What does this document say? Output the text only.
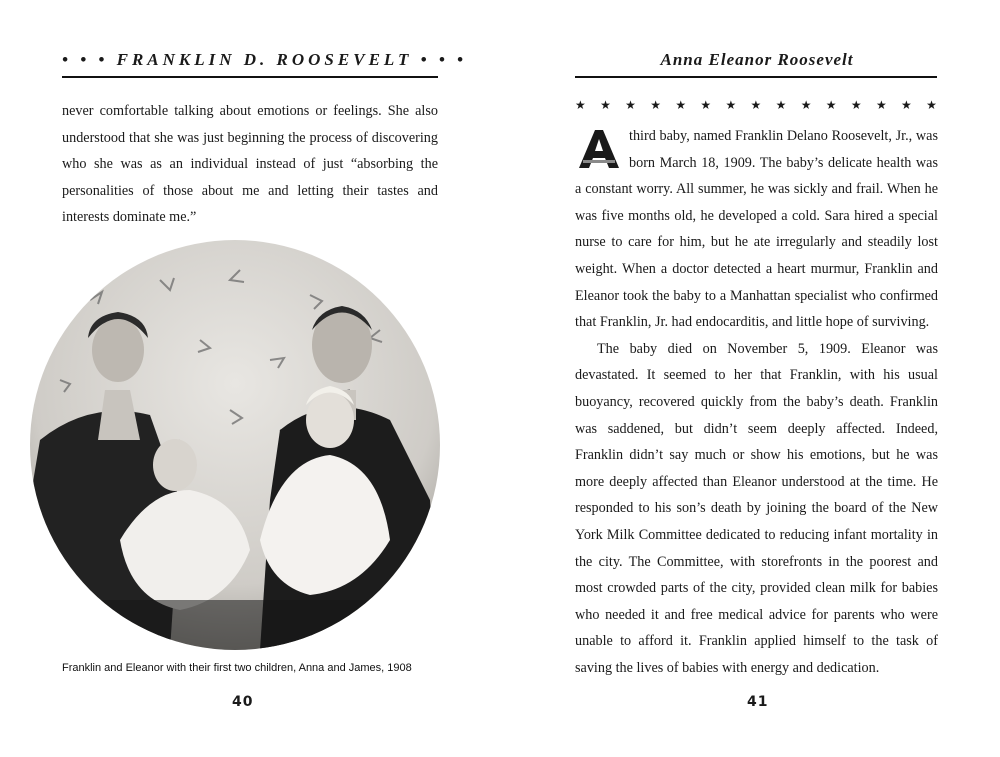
• • • FRANKLIN D. ROOSEVELT • • •

never comfortable talking about emotions or feelings. She also understood that she was just beginning the process of discovering who she was as an individual instead of just “absorbing the personalities of those about me and letting their tastes and interests dominate me.”

Franklin and Eleanor with their first two children, Anna and James, 1908
40
Anna Eleanor Roosevelt
★ ★ ★ ★ ★ ★ ★ ★ ★ ★ ★ ★ ★ ★ ★

A
third baby, named Franklin Delano Roosevelt, Jr., was born March 18, 1909. The baby’s delicate health was a constant worry. All summer, he was sickly and frail. When he was five months old, he developed a cold. Sara hired a special nurse to care for him, but he ate irregularly and steadily lost weight. When a doctor detected a heart murmur, Franklin and Eleanor took the baby to a Manhattan specialist who confirmed that Franklin, Jr. had endocarditis, and little hope of surviving.

The baby died on November 5, 1909. Eleanor was devastated. It seemed to her that Franklin, with his usual buoyancy, recovered quickly from the baby’s death. Franklin was saddened, but didn’t seem deeply affected. Indeed, Franklin didn’t say much or show his emotions, but he was more deeply affected than Eleanor understood at the time. He responded to his son’s death by joining the board of the New York Milk Committee dedicated to reducing infant mortality in the city. The Committee, with storefronts in the poorest and most crowded parts of the city, provided clean milk for babies who needed it and free medical advice for parents who were unable to afford it. Franklin applied himself to the task of saving the lives of babies with energy and dedication.

41
